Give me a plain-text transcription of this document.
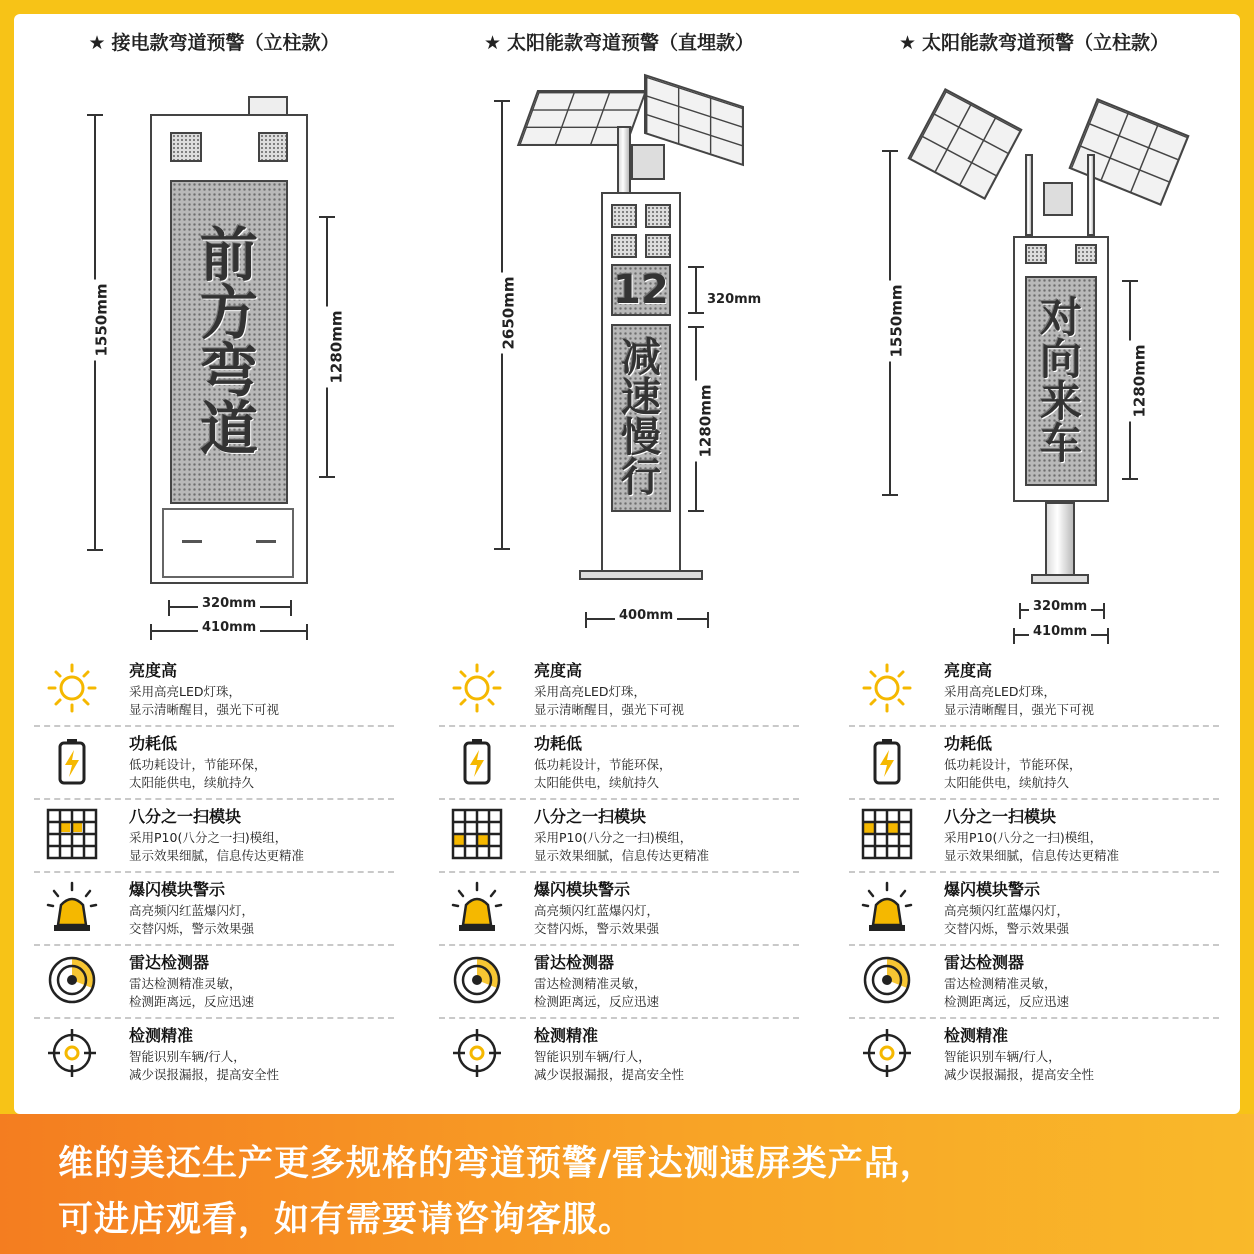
★ 接电款弯道预警（立柱款）
1550mm
前方弯道
1280mm
320mm
410mm
亮度高
采用高亮LED灯珠，
显示清晰醒目，强光下可视
功耗低
低功耗设计，节能环保，
太阳能供电，续航持久
八分之一扫模块
采用P10(八分之一扫)模组，
显示效果细腻，信息传达更精准
爆闪模块警示
高亮频闪红蓝爆闪灯，
交替闪烁，警示效果强
雷达检测器
雷达检测精准灵敏，
检测距离远，反应迅速
检测精准
智能识别车辆/行人，
减少误报漏报，提高安全性
★ 太阳能款弯道预警（直埋款）
2650mm 12
减速慢行
320mm
1280mm
400mm
亮度高
采用高亮LED灯珠，
显示清晰醒目，强光下可视
功耗低
低功耗设计，节能环保，
太阳能供电，续航持久
八分之一扫模块
采用P10(八分之一扫)模组，
显示效果细腻，信息传达更精准
爆闪模块警示
高亮频闪红蓝爆闪灯，
交替闪烁，警示效果强
雷达检测器
雷达检测精准灵敏，
检测距离远，反应迅速
检测精准
智能识别车辆/行人，
减少误报漏报，提高安全性
★ 太阳能款弯道预警（立柱款）
1550mm	对向来车
1280mm
320mm
410mm
亮度高
采用高亮LED灯珠，
显示清晰醒目，强光下可视
功耗低
低功耗设计，节能环保，
太阳能供电，续航持久
八分之一扫模块
采用P10(八分之一扫)模组，
显示效果细腻，信息传达更精准
爆闪模块警示
高亮频闪红蓝爆闪灯，
交替闪烁，警示效果强
雷达检测器
雷达检测精准灵敏，
检测距离远，反应迅速
检测精准
智能识别车辆/行人，
减少误报漏报，提高安全性
维的美还生产更多规格的弯道预警/雷达测速屏类产品，
可进店观看，如有需要请咨询客服。
